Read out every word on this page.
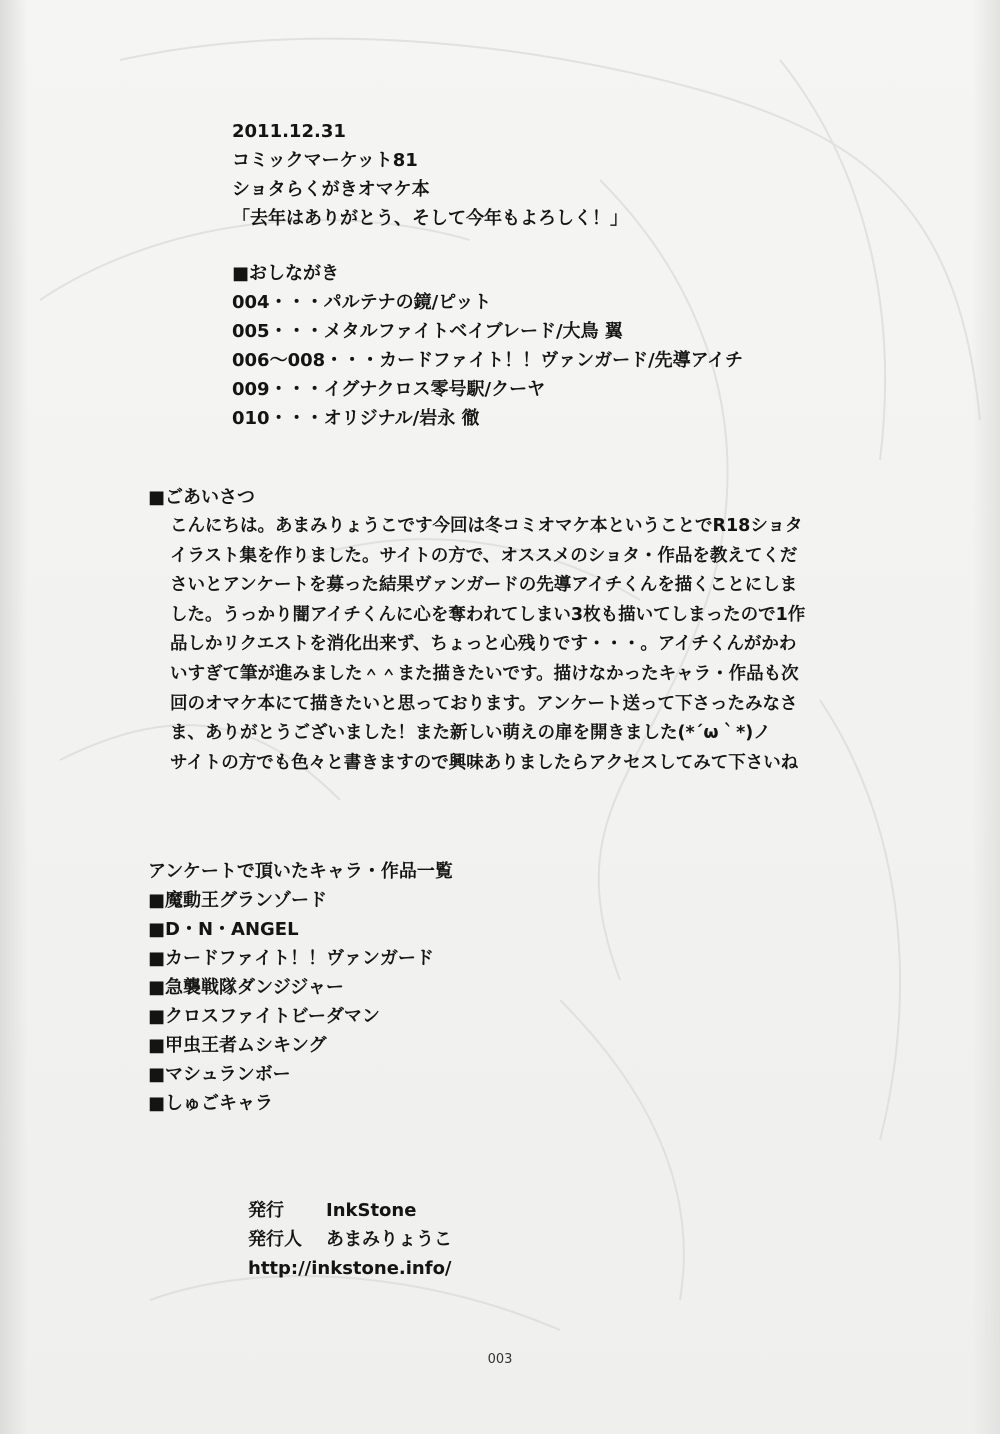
2011.12.31
コミックマーケット81
ショタらくがきオマケ本
「去年はありがとう、そして今年もよろしく！」
■おしながき
004・・・パルテナの鏡/ピット
005・・・メタルファイトベイブレード/大鳥 翼
006〜008・・・カードファイト！！ヴァンガード/先導アイチ
009・・・イグナクロス零号駅/クーヤ
010・・・オリジナル/岩永 徹
■ごあいさつ
こんにちは。あまみりょうこです今回は冬コミオマケ本ということでR18ショタ
イラスト集を作りました。サイトの方で、オススメのショタ・作品を教えてくだ
さいとアンケートを募った結果ヴァンガードの先導アイチくんを描くことにしま
した。うっかり闇アイチくんに心を奪われてしまい3枚も描いてしまったので1作
品しかリクエストを消化出来ず、ちょっと心残りです・・・。アイチくんがかわ
いすぎて筆が進みました＾＾また描きたいです。描けなかったキャラ・作品も次
回のオマケ本にて描きたいと思っております。アンケート送って下さったみなさ
ま、ありがとうございました！また新しい萌えの扉を開きました(*´ω｀*)ノ
サイトの方でも色々と書きますので興味ありましたらアクセスしてみて下さいね
アンケートで頂いたキャラ・作品一覧
■魔動王グランゾード
■D・N・ANGEL
■カードファイト！！ヴァンガード
■急襲戦隊ダンジジャー
■クロスファイトビーダマン
■甲虫王者ムシキング
■マシュランボー
■しゅごキャラ
発行 InkStone
発行人 あまみりょうこ
http://inkstone.info/
003
